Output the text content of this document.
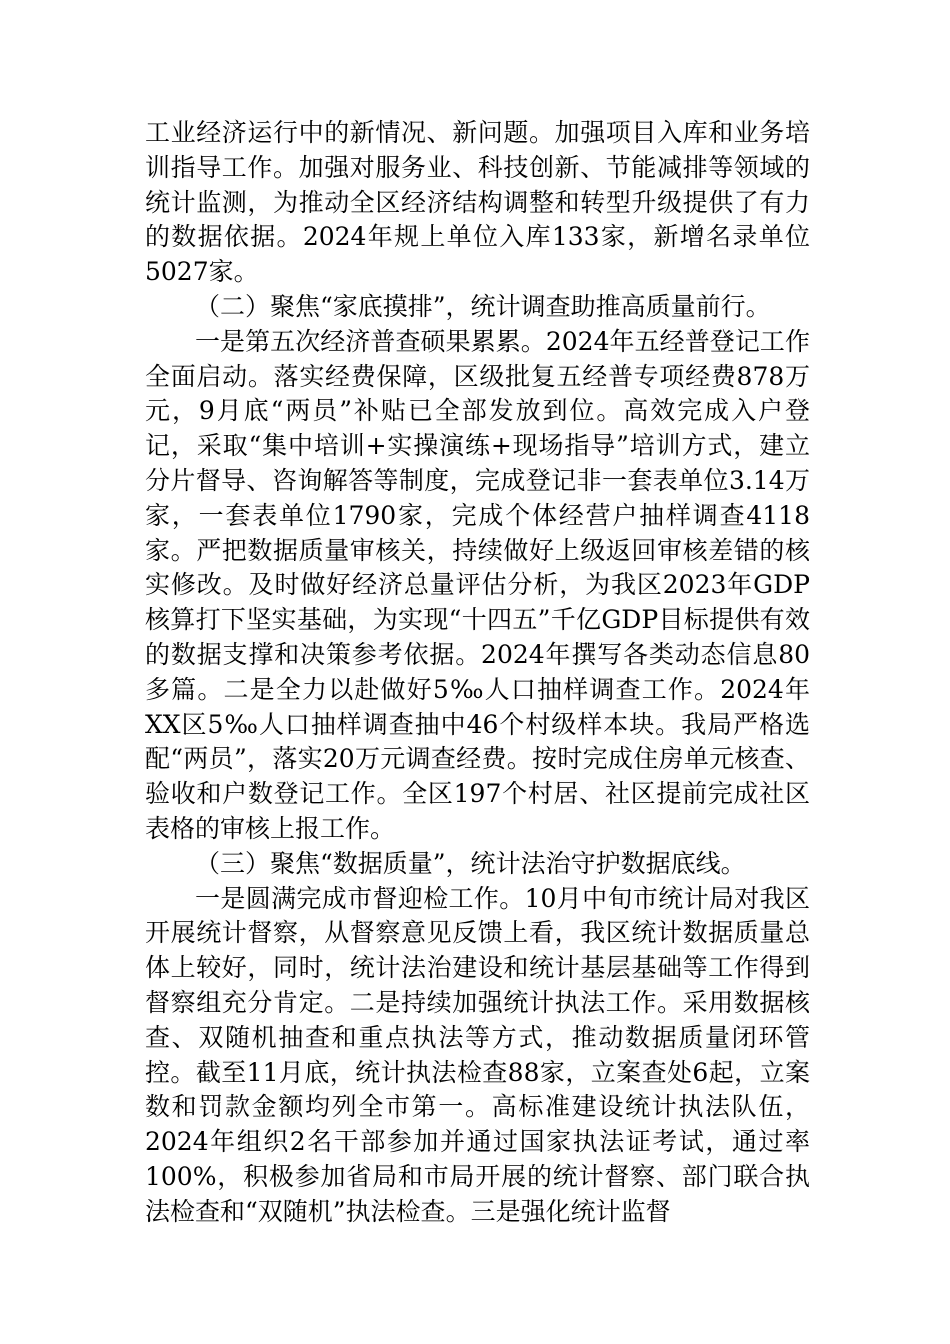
工业经济运行中的新情况、新问题。加强项目入库和业务培训指导工作。加强对服务业、科技创新、节能减排等领域的统计监测，为推动全区经济结构调整和转型升级提供了有力的数据依据。2024年规上单位入库133家，新增名录单位5027家。

（二）聚焦“家底摸排”，统计调查助推高质量前行。

一是第五次经济普查硕果累累。2024年五经普登记工作全面启动。落实经费保障，区级批复五经普专项经费878万元，9月底“两员”补贴已全部发放到位。高效完成入户登记，采取“集中培训+实操演练+现场指导”培训方式，建立分片督导、咨询解答等制度，完成登记非一套表单位3.14万家，一套表单位1790家，完成个体经营户抽样调查4118家。严把数据质量审核关，持续做好上级返回审核差错的核实修改。及时做好经济总量评估分析，为我区2023年GDP核算打下坚实基础，为实现“十四五”千亿GDP目标提供有效的数据支撑和决策参考依据。2024年撰写各类动态信息80多篇。二是全力以赴做好5‰人口抽样调查工作。2024年XX区5‰人口抽样调查抽中46个村级样本块。我局严格选配“两员”，落实20万元调查经费。按时完成住房单元核查、验收和户数登记工作。全区197个村居、社区提前完成社区表格的审核上报工作。

（三）聚焦“数据质量”，统计法治守护数据底线。

一是圆满完成市督迎检工作。10月中旬市统计局对我区开展统计督察，从督察意见反馈上看，我区统计数据质量总体上较好，同时，统计法治建设和统计基层基础等工作得到督察组充分肯定。二是持续加强统计执法工作。采用数据核查、双随机抽查和重点执法等方式，推动数据质量闭环管控。截至11月底，统计执法检查88家，立案查处6起，立案数和罚款金额均列全市第一。高标准建设统计执法队伍，2024年组织2名干部参加并通过国家执法证考试，通过率100%，积极参加省局和市局开展的统计督察、部门联合执法检查和“双随机”执法检查。三是强化统计监督
